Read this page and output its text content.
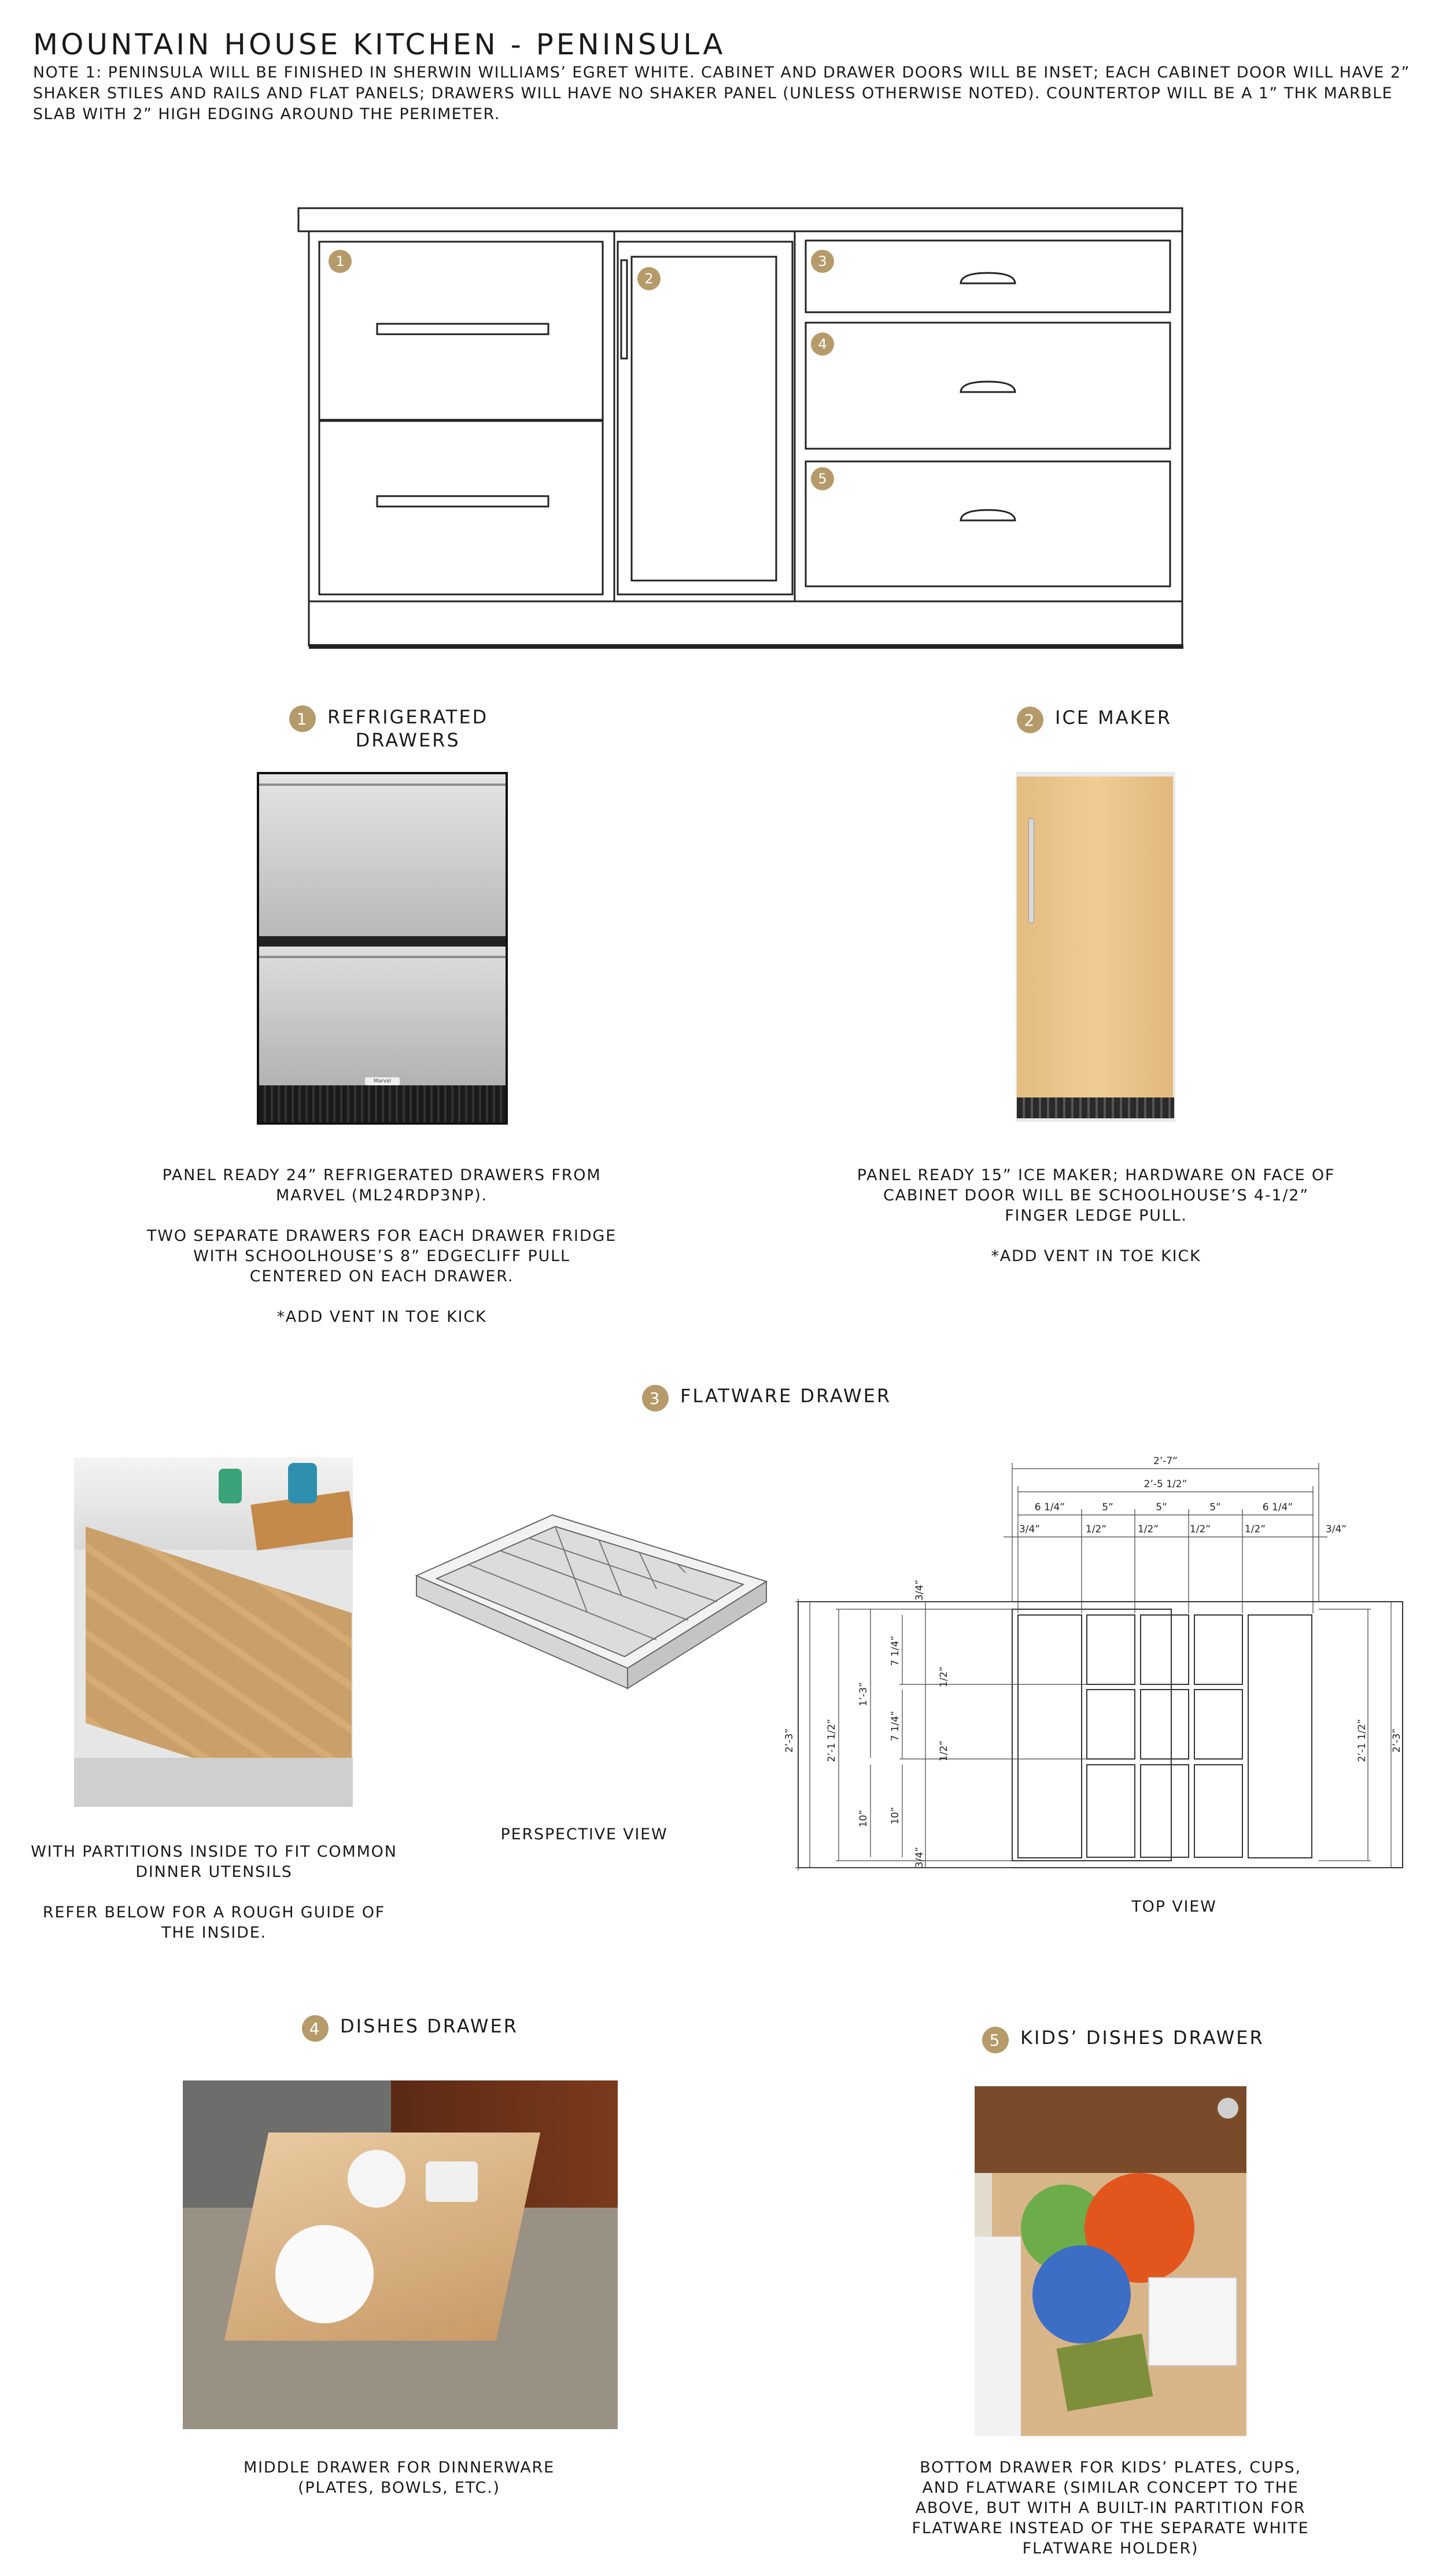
MOUNTAIN HOUSE KITCHEN - PENINSULA
NOTE 1: PENINSULA WILL BE FINISHED IN SHERWIN WILLIAMS’ EGRET WHITE. CABINET AND DRAWER DOORS WILL BE INSET; EACH CABINET DOOR WILL HAVE 2” SHAKER STILES AND RAILS AND FLAT PANELS; DRAWERS WILL HAVE NO SHAKER PANEL (UNLESS OTHERWISE NOTED). COUNTERTOP WILL BE A 1” THK MARBLE SLAB WITH 2” HIGH EDGING AROUND THE PERIMETER.
1
2
3
4
5
1	REFRIGERATED
DRAWERS
Marvel
PANEL READY 24” REFRIGERATED DRAWERS FROM MARVEL (ML24RDP3NP).

TWO SEPARATE DRAWERS FOR EACH DRAWER FRIDGE WITH SCHOOLHOUSE’S 8” EDGECLIFF PULL CENTERED ON EACH DRAWER.

*ADD VENT IN TOE KICK
2	ICE MAKER
PANEL READY 15” ICE MAKER; HARDWARE ON FACE OF CABINET DOOR WILL BE SCHOOLHOUSE’S 4-1/2” FINGER LEDGE PULL.

*ADD VENT IN TOE KICK
3	FLATWARE DRAWER
WITH PARTITIONS INSIDE TO FIT COMMON DINNER UTENSILS

REFER BELOW FOR A ROUGH GUIDE OF THE INSIDE.
PERSPECTIVE VIEW
2’-7”
2’-5 1/2”
6 1/4”	5”	5”	5”	6 1/4”
3/4”	1/2”	1/2”	1/2”	1/2”	3/4”
2’-3”	2’-1 1/2”
1’-3”
10”
7 1/4”
7 1/4”
10”
3/4”
1/2”
1/2”
3/4”
2’-1 1/2” 2’-3”
TOP VIEW
4	DISHES DRAWER
MIDDLE DRAWER FOR DINNERWARE (PLATES, BOWLS, ETC.)
5	KIDS’ DISHES DRAWER
BOTTOM DRAWER FOR KIDS’ PLATES, CUPS, AND FLATWARE (SIMILAR CONCEPT TO THE ABOVE, BUT WITH A BUILT-IN PARTITION FOR FLATWARE INSTEAD OF THE SEPARATE WHITE FLATWARE HOLDER)
